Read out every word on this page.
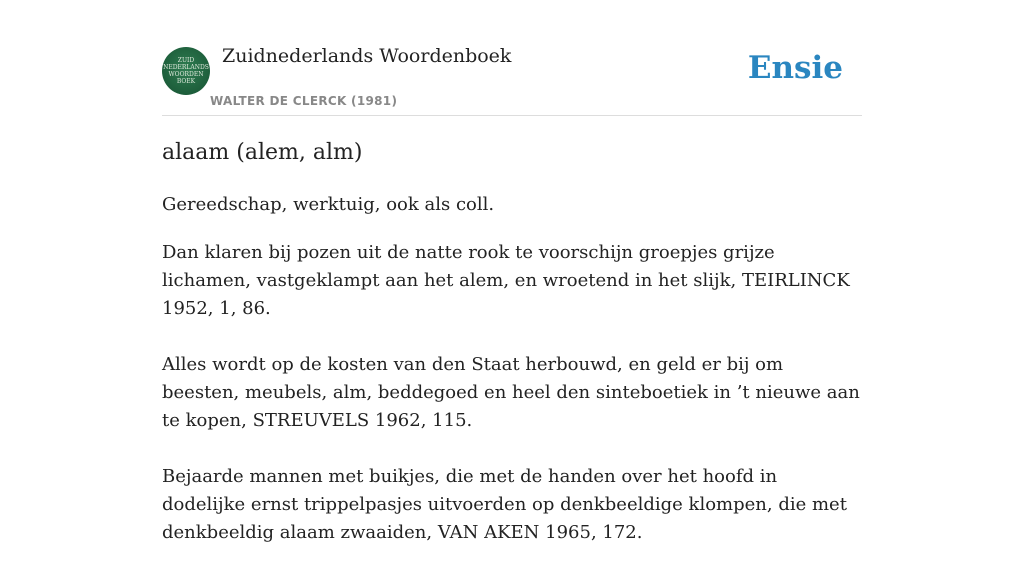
ZUID
NEDERLANDS
WOORDEN
BOEK
Zuidnederlands Woordenboek
WALTER DE CLERCK (1981)
Ensie
alaam (alem, alm)
Gereedschap, werktuig, ook als coll.

Dan klaren bij pozen uit de natte rook te voorschijn groepjes grijze lichamen, vastgeklampt aan het alem, en wroetend in het slijk, TEIRLINCK 1952, 1, 86.

Alles wordt op de kosten van den Staat herbouwd, en geld er bij om beesten, meubels, alm, beddegoed en heel den sinteboetiek in ’t nieuwe aan te kopen, STREUVELS 1962, 115.

Bejaarde mannen met buikjes, die met de handen over het hoofd in dodelijke ernst trippelpasjes uitvoerden op denkbeeldige klompen, die met denkbeeldig alaam zwaaiden, VAN AKEN 1965, 172.
